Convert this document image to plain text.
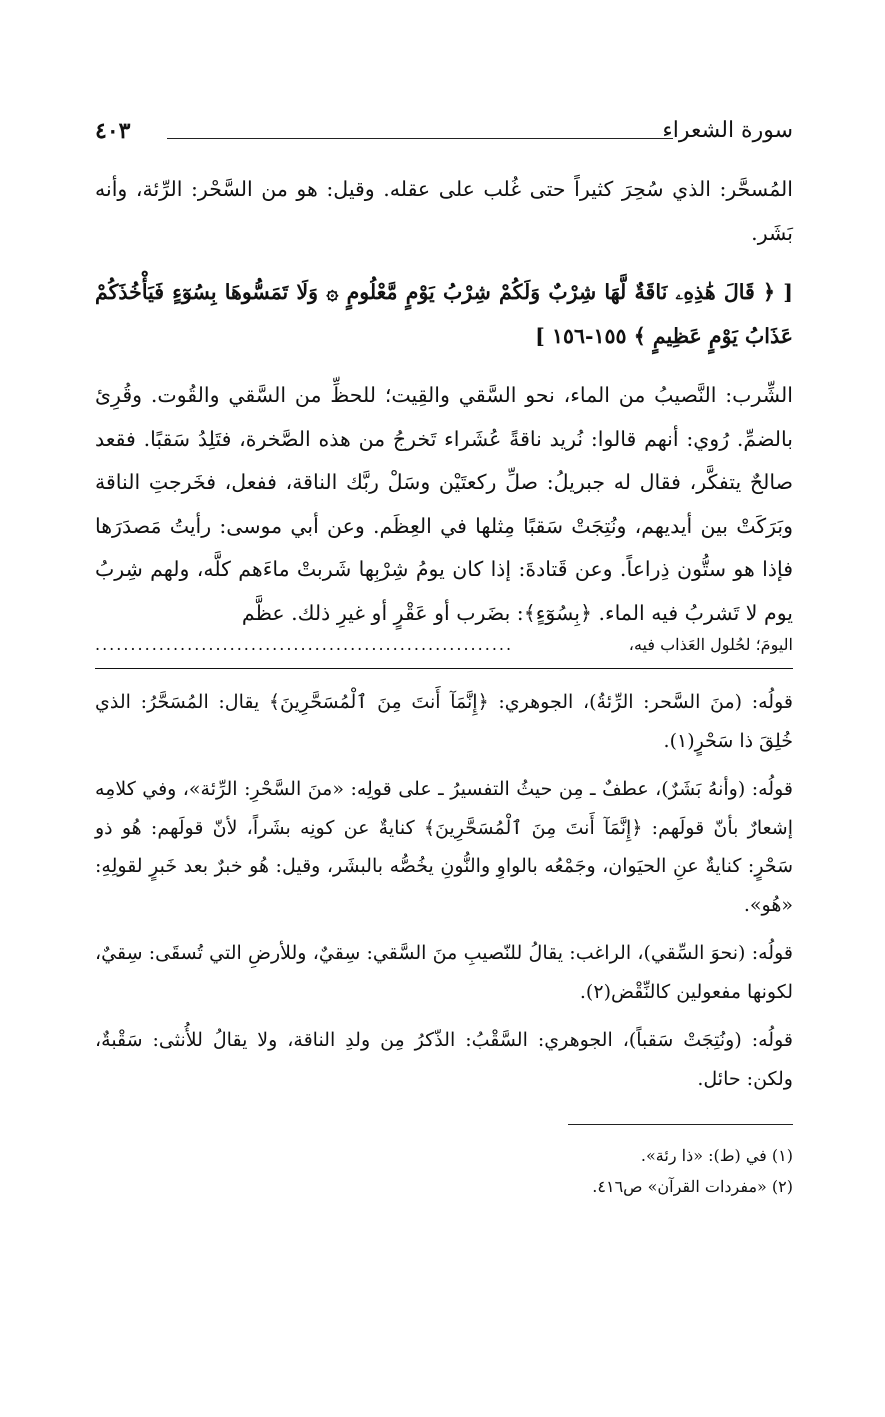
سورة الشعراء
٤٠٣

المُسحَّر: الذي سُحِرَ كثيراً حتى غُلب على عقله. وقيل: هو من السَّحْر: الرِّئة، وأنه بَشَر.

[ ﴿ قَالَ هَٰذِهِۦ نَاقَةٌ لَّهَا شِرْبٌ وَلَكُمْ شِرْبُ يَوْمٍ مَّعْلُومٍ ۞ وَلَا تَمَسُّوهَا بِسُوٓءٍ فَيَأْخُذَكُمْ عَذَابُ يَوْمٍ عَظِيمٍ ﴾ ١٥٥-١٥٦ ]

الشِّرب: النَّصيبُ من الماء، نحو السَّقي والقِيت؛ للحظِّ من السَّقي والقُوت. وقُرِئ بالضمِّ. رُوي: أنهم قالوا: نُريد ناقةً عُشَراء تَخرجُ من هذه الصَّخرة، فتَلِدُ سَقبًا. فقعد صالحٌ يتفكَّر، فقال له جبريلُ: صلِّ ركعتَيْن وسَلْ ربَّك الناقة، ففعل، فخَرجتِ الناقة وبَرَكَتْ بين أيديهم، ونُتِجَتْ سَقبًا مِثلها في العِظَم. وعن أبي موسى: رأيتُ مَصدَرَها فإذا هو ستُّون ذِراعاً. وعن قَتادةَ: إذا كان يومُ شِرْبِها شَربتْ ماءَهم كلَّه، ولهم شِربُ يوم لا تَشربُ فيه الماء. ﴿بِسُوٓءٍ﴾: بضَرب أو عَقْرٍ أو غيرِ ذلك. عظَّم

اليومَ؛ لحُلول العَذاب فيه،
...........................................................

قولُه: (منَ السَّحر: الرِّئةُ)، الجوهري: ﴿إِنَّمَآ أَنتَ مِنَ ٱلْمُسَحَّرِينَ﴾ يقال: المُسَحَّرُ: الذي خُلِقَ ذا سَحْرٍ(١).

قولُه: (وأنهُ بَشَرٌ)، عطفٌ ـ مِن حيثُ التفسيرُ ـ على قولِه: «منَ السَّحْرِ: الرِّئة»، وفي كلامِه إشعارٌ بأنّ قولَهم: ﴿إِنَّمَآ أَنتَ مِنَ ٱلْمُسَحَّرِينَ﴾ كنايةٌ عن كونِه بشَراً، لأنّ قولَهم: هُو ذو سَحْرٍ: كنايةٌ عنِ الحيَوان، وجَمْعُه بالواوِ والنُّونِ يخُصُّه بالبشَر، وقيل: هُو خبرٌ بعد خَبرٍ لقولِهِ: «هُو».

قولُه: (نحوَ السِّقي)، الراغب: يقالُ للنّصيبِ منَ السَّقي: سِقيٌ، وللأرضِ التي تُسقَى: سِقيٌ، لكونها مفعولين كالنِّقْض(٢).

قولُه: (ونُتِجَتْ سَقباً)، الجوهري: السَّقْبُ: الذّكرُ مِن ولدِ الناقة، ولا يقالُ للأُنثى: سَقْبةٌ، ولكن: حائل.

(١) في (ط): «ذا رئة».

(٢) «مفردات القرآن» ص٤١٦.
